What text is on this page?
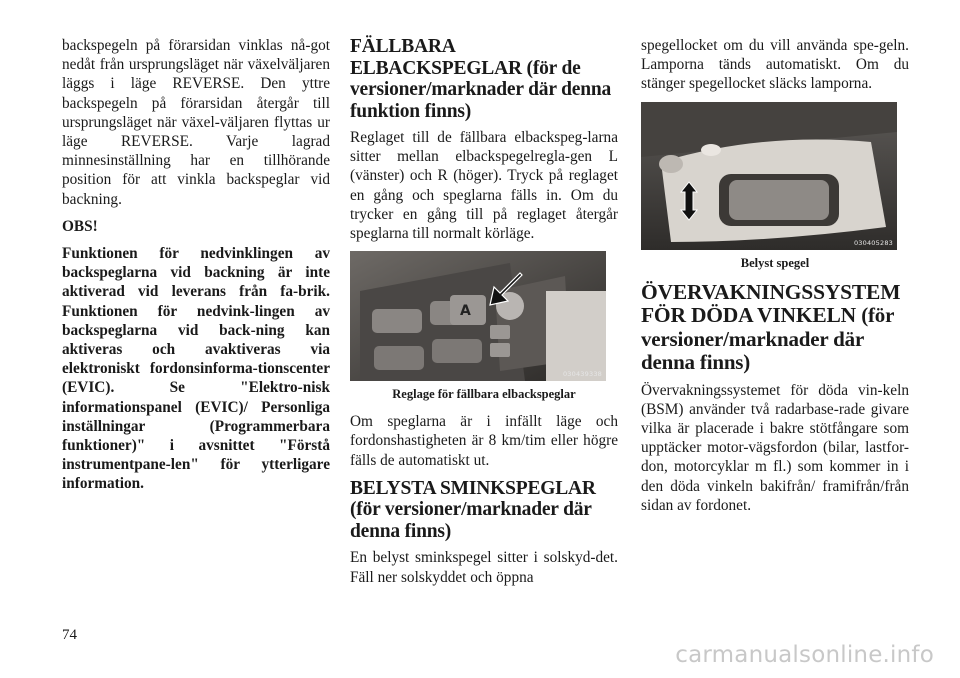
backspegeln på förarsidan vinklas nå-got nedåt från ursprungsläget när växelväljaren läggs i läge REVERSE. Den yttre backspegeln på förarsidan återgår till ursprungsläget när växel-väljaren flyttas ur läge REVERSE. Varje lagrad minnesinställning har en tillhörande position för att vinkla backspeglar vid backning.

OBS!

Funktionen för nedvinklingen av backspeglarna vid backning är inte aktiverad vid leverans från fa-brik. Funktionen för nedvink-lingen av backspeglarna vid back-ning kan aktiveras och avaktiveras via elektroniskt fordonsinforma-tionscenter (EVIC). Se "Elektro-nisk informationspanel (EVIC)/ Personliga inställningar (Programmerbara funktioner)" i avsnittet "Förstå instrumentpane-len" för ytterligare information.

FÄLLBARA ELBACKSPEGLAR (för de versioner/marknader där denna funktion finns)

Reglaget till de fällbara elbackspeg-larna sitter mellan elbackspegelregla-gen L (vänster) och R (höger). Tryck på reglaget en gång och speglarna fälls in. Om du trycker en gång till på reglaget återgår speglarna till normalt körläge.

A
030439338
Reglage för fällbara elbackspeglar

Om speglarna är i infällt läge och fordonshastigheten är 8 km/tim eller högre fälls de automatiskt ut.

BELYSTA SMINKSPEGLAR (för versioner/marknader där denna finns)

En belyst sminkspegel sitter i solskyd-det. Fäll ner solskyddet och öppna

spegellocket om du vill använda spe-geln. Lamporna tänds automatiskt. Om du stänger spegellocket släcks lamporna.

030405283
Belyst spegel
ÖVERVAKNINGSSYSTEM FÖR DÖDA VINKELN (för versioner/marknader där denna finns)

Övervakningssystemet för döda vin-keln (BSM) använder två radarbase-rade givare vilka är placerade i bakre stötfångare som upptäcker motor-vägsfordon (bilar, lastfor-don, motorcyklar m fl.) som kommer in i den döda vinkeln bakifrån/ framifrån/från sidan av fordonet.

74
carmanualsonline.info
